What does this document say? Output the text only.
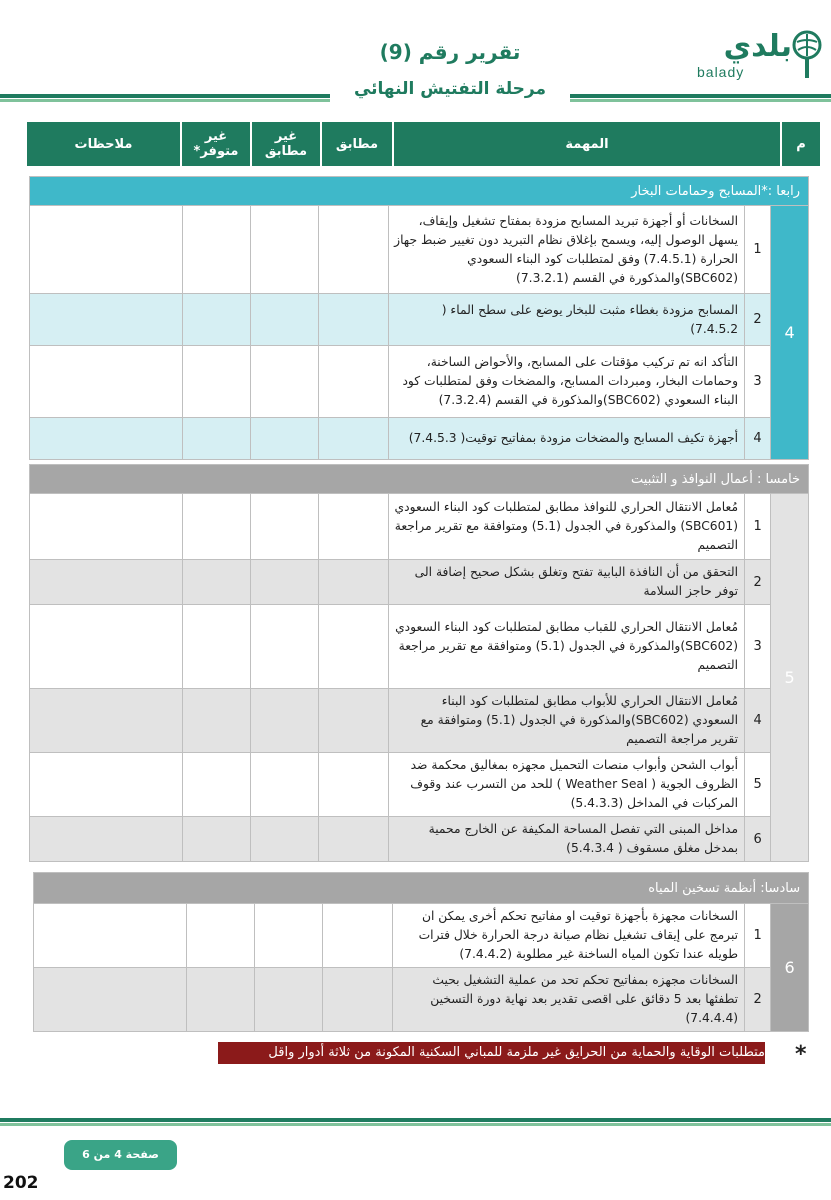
بلدي
balady
تقرير رقم (9)
مرحلة التفتيش النهائي
م	المهمة	مطابق	غير مطابق	غير متوفر*	ملاحظات
رابعا :*المسابح وحمامات البخار						
4	1	السخانات أو أجهزة تبريد المسابح مزودة بمفتاح تشغيل وإيقاف، يسهل الوصول إليه، ويسمح بإغلاق نظام التبريد دون تغيير ضبط جهاز الحرارة (7.4.5.1) وفق لمتطلبات كود البناء السعودي (SBC602)والمذكورة في القسم (7.3.2.1)				
	2	المسابح مزودة بغطاء مثبت للبخار يوضع على سطح الماء ( 7.4.5.2)				
	3	التأكد انه تم تركيب مؤقتات على المسابح، والأحواض الساخنة، وحمامات البخار، ومبردات المسابح، والمضخات وفق لمتطلبات كود البناء السعودي (SBC602)والمذكورة في القسم (7.3.2.4)				
	4	أجهزة تكيف المسابح والمضخات مزودة بمفاتيح توقيت( 7.4.5.3)				
خامسا : أعمال النوافذ و التثبيت						
5	1	مُعامل الانتقال الحراري للنوافذ مطابق لمتطلبات كود البناء السعودي (SBC601) والمذكورة في الجدول (5.1) ومتوافقة مع تقرير مراجعة التصميم				
	2	التحقق من أن النافذة البابية تفتح وتغلق بشكل صحيح إضافة الى توفر حاجز السلامة				
	3	مُعامل الانتقال الحراري للقباب مطابق لمتطلبات كود البناء السعودي (SBC602)والمذكورة في الجدول (5.1) ومتوافقة مع تقرير مراجعة التصميم				
	4	مُعامل الانتقال الحراري للأبواب مطابق لمتطلبات كود البناء السعودي (SBC602)والمذكورة في الجدول (5.1) ومتوافقة مع تقرير مراجعة التصميم				
	5	أبواب الشحن وأبواب منصات التحميل مجهزه بمغاليق محكمة ضد الظروف الجوية ( Weather Seal ) للحد من التسرب عند وقوف المركبات في المداخل (5.4.3.3)				
	6	مداخل المبنى التي تفصل المساحة المكيفة عن الخارج محمية بمدخل مغلق مسقوف ( 5.4.3.4)				
سادسا: أنظمة تسخين المياه						
6	1	السخانات مجهزة بأجهزة توقيت او مفاتيح تحكم أخرى يمكن ان تبرمج على إيقاف تشغيل نظام صيانة درجة الحرارة خلال فترات طويله عندا تكون المياه الساخنة غير مطلوبة (7.4.4.2)				
	2	السخانات مجهزه بمفاتيح تحكم تحد من عملية التشغيل بحيث تطفئها بعد 5 دقائق على اقصى تقدير بعد نهاية دورة التسخين (7.4.4.4)				
*
متطلبات الوقاية والحماية من الحرايق غير ملزمة للمباني السكنية المكونة من ثلاثة أدوار واقل
صفحة 4 من 6
202
